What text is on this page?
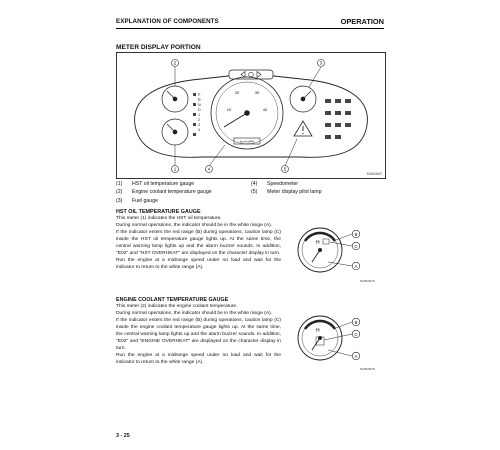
EXPLANATION OF COMPONENTS	OPERATION
METER DISPLAY PORTION
2
1
3
4	5
P
R
N
D
1
2
3
4
10
20	30
40
km/h MPH
SLM04067
(1)	HST oil temperature gauge
(2)	Engine coolant temperature gauge
(3)	Fuel gauge
(4)	Speedometer
(5)	Meter display pilot lamp
HST OIL TEMPERATURE GAUGE

This meter (1) indicates the HST oil temperature.

During normal operations, the indicator should be in the white range (A).

If the indicator enters the red range (B) during operations, caution lamp (C) inside the HST oil temperature gauge lights up. At the same time, the central warning lamp lights up and the alarm buzzer sounds. In addition, "E02" and "HST OVERHEAT" are displayed on the character display in turn.

Run the engine at a midrange speed under no load and wait for the indicator to return to the white range (A).

H
B
C
A
SLM04076
ENGINE COOLANT TEMPERATURE GAUGE

This meter (2) indicates the engine coolant temperature.

During normal operations, the indicator should be in the white range (A).

If the indicator enters the red range (B) during operations, caution lamp (C) inside the engine coolant temperature gauge lights up. At the same time, the central warning lamp lights up and the alarm buzzer sounds. In addition, "E02" and "ENGINE OVERHEAT" are displayed on the character display in turn.

Run the engine at a midrange speed under no load and wait for the indicator to return to the white range (A).

H
B
C
A
SLM04078
3 - 25
